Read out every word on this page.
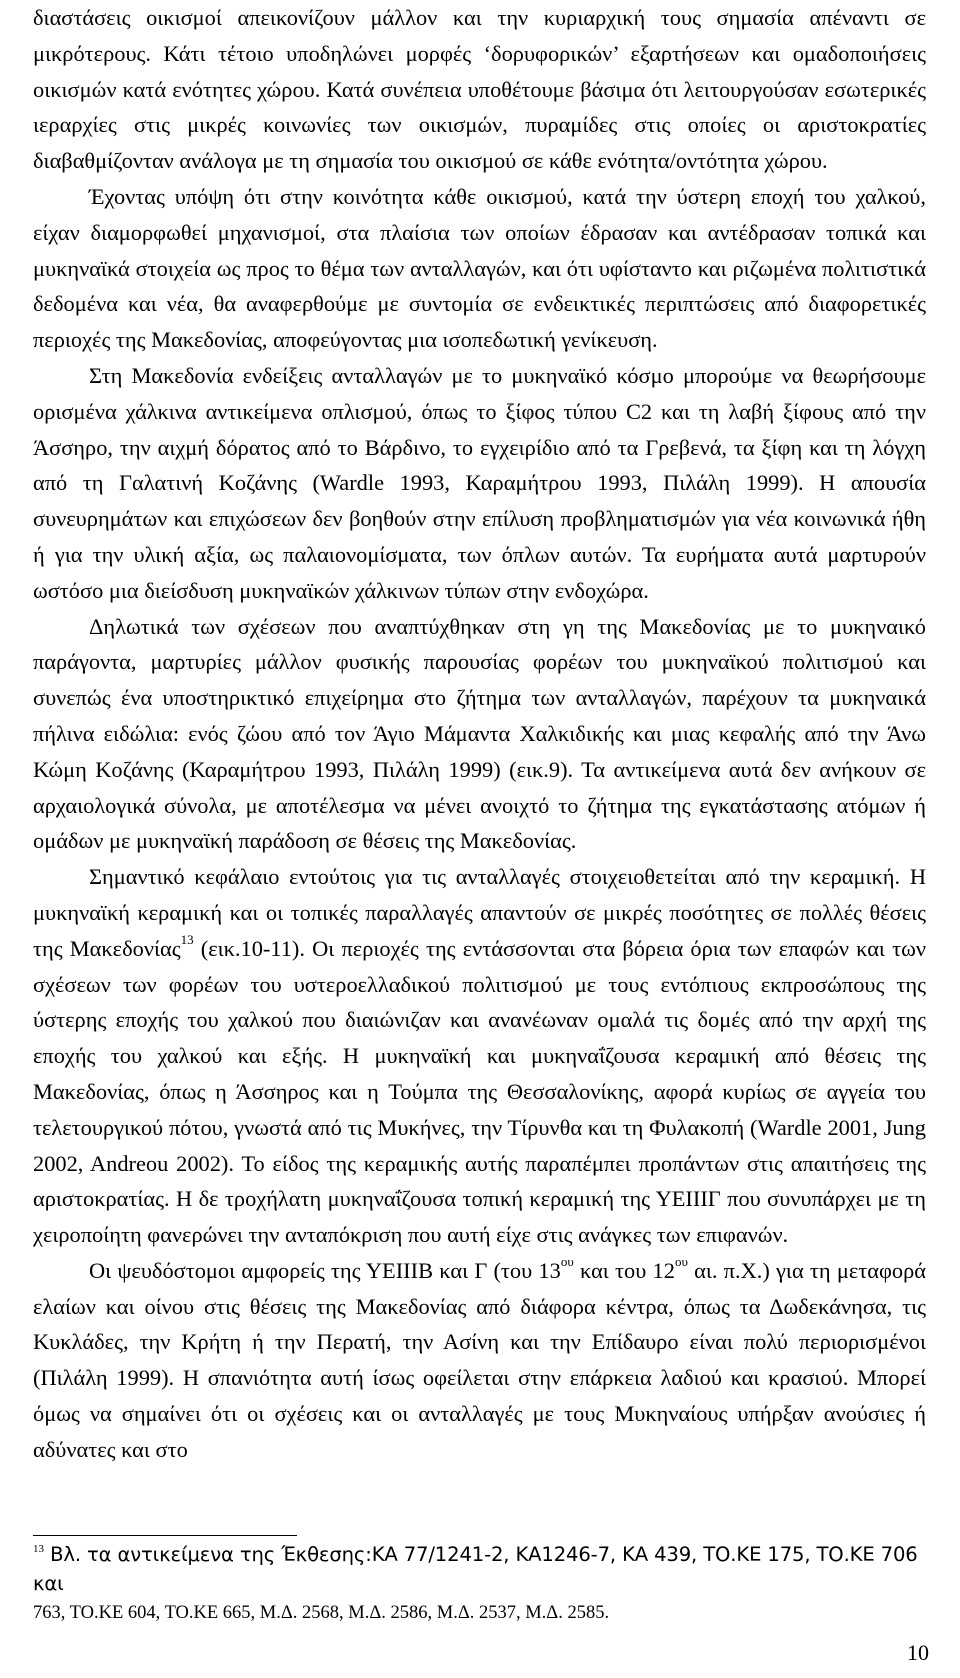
διαστάσεις οικισμοί απεικονίζουν μάλλον και την κυριαρχική τους σημασία απέναντι σε μικρότερους. Κάτι τέτοιο υποδηλώνει μορφές ‘δορυφορικών’ εξαρτήσεων και ομαδοποιήσεις οικισμών κατά ενότητες χώρου. Κατά συνέπεια υποθέτουμε βάσιμα ότι λειτουργούσαν εσωτερικές ιεραρχίες στις μικρές κοινωνίες των οικισμών, πυραμίδες στις οποίες οι αριστοκρατίες διαβαθμίζονταν ανάλογα με τη σημασία του οικισμού σε κάθε ενότητα/οντότητα χώρου.

Έχοντας υπόψη ότι στην κοινότητα κάθε οικισμού, κατά την ύστερη εποχή του χαλκού, είχαν διαμορφωθεί μηχανισμοί, στα πλαίσια των οποίων έδρασαν και αντέδρασαν τοπικά και μυκηναϊκά στοιχεία ως προς το θέμα των ανταλλαγών, και ότι υφίσταντο και ριζωμένα πολιτιστικά δεδομένα και νέα, θα αναφερθούμε με συντομία σε ενδεικτικές περιπτώσεις από διαφορετικές περιοχές της Μακεδονίας, αποφεύγοντας μια ισοπεδωτική γενίκευση.

Στη Μακεδονία ενδείξεις ανταλλαγών με το μυκηναϊκό κόσμο μπορούμε να θεωρήσουμε ορισμένα χάλκινα αντικείμενα οπλισμού, όπως το ξίφος τύπου C2 και τη λαβή ξίφους από την Άσσηρο, την αιχμή δόρατος από το Βάρδινο, το εγχειρίδιο από τα Γρεβενά, τα ξίφη και τη λόγχη από τη Γαλατινή Κοζάνης (Wardle 1993, Καραμήτρου 1993, Πιλάλη 1999). Η απουσία συνευρημάτων και επιχώσεων δεν βοηθούν στην επίλυση προβληματισμών για νέα κοινωνικά ήθη ή για την υλική αξία, ως παλαιονομίσματα, των όπλων αυτών. Τα ευρήματα αυτά μαρτυρούν ωστόσο μια διείσδυση μυκηναϊκών χάλκινων τύπων στην ενδοχώρα.

Δηλωτικά των σχέσεων που αναπτύχθηκαν στη γη της Μακεδονίας με το μυκηναικό παράγοντα, μαρτυρίες μάλλον φυσικής παρουσίας φορέων του μυκηναϊκού πολιτισμού και συνεπώς ένα υποστηρικτικό επιχείρημα στο ζήτημα των ανταλλαγών, παρέχουν τα μυκηναικά πήλινα ειδώλια: ενός ζώου από τον Άγιο Μάμαντα Χαλκιδικής και μιας κεφαλής από την Άνω Κώμη Κοζάνης (Καραμήτρου 1993, Πιλάλη 1999) (εικ.9). Τα αντικείμενα αυτά δεν ανήκουν σε αρχαιολογικά σύνολα, με αποτέλεσμα να μένει ανοιχτό το ζήτημα της εγκατάστασης ατόμων ή ομάδων με μυκηναϊκή παράδοση σε θέσεις της Μακεδονίας.

Σημαντικό κεφάλαιο εντούτοις για τις ανταλλαγές στοιχειοθετείται από την κεραμική. Η μυκηναϊκή κεραμική και οι τοπικές παραλλαγές απαντούν σε μικρές ποσότητες σε πολλές θέσεις της Μακεδονίας$^{13}$ (εικ.10-11). Οι περιοχές της εντάσσονται στα βόρεια όρια των επαφών και των σχέσεων των φορέων του υστεροελλαδικού πολιτισμού με τους εντόπιους εκπροσώπους της ύστερης εποχής του χαλκού που διαιώνιζαν και ανανέωναν ομαλά τις δομές από την αρχή της εποχής του χαλκού και εξής. Η μυκηναϊκή και μυκηναΐζουσα κεραμική από θέσεις της Μακεδονίας, όπως η Άσσηρος και η Τούμπα της Θεσσαλονίκης, αφορά κυρίως σε αγγεία του τελετουργικού πότου, γνωστά από τις Μυκήνες, την Τίρυνθα και τη Φυλακοπή (Wardle 2001, Jung 2002, Andreou 2002). Το είδος της κεραμικής αυτής παραπέμπει προπάντων στις απαιτήσεις της αριστοκρατίας. Η δε τροχήλατη μυκηναΐζουσα τοπική κεραμική της ΥΕΙΙΙΓ που συνυπάρχει με τη χειροποίητη φανερώνει την ανταπόκριση που αυτή είχε στις ανάγκες των επιφανών.

Οι ψευδόστομοι αμφορείς της ΥΕΙΙΙΒ και Γ (του $13^{o\upsilon}$ και του $12^{o\upsilon}$ αι. π.Χ.) για τη μεταφορά ελαίων και οίνου στις θέσεις της Μακεδονίας από διάφορα κέντρα, όπως τα Δωδεκάνησα, τις Κυκλάδες, την Κρήτη ή την Περατή, την Ασίνη και την Επίδαυρο είναι πολύ περιορισμένοι (Πιλάλη 1999). Η σπανιότητα αυτή ίσως οφείλεται στην επάρκεια λαδιού και κρασιού. Μπορεί όμως να σημαίνει ότι οι σχέσεις και οι ανταλλαγές με τους Μυκηναίους υπήρξαν ανούσιες ή αδύνατες και στο

$^{13}$ Βλ. τα αντικείμενα της Έκθεσης:ΚΑ 77/1241-2, ΚΑ1246-7, ΚΑ 439, ΤΟ.ΚΕ 175, ΤΟ.ΚΕ 706 και
763, ΤΟ.ΚΕ 604, ΤΟ.ΚΕ 665, Μ.Δ. 2568, Μ.Δ. 2586, Μ.Δ. 2537, Μ.Δ. 2585.
10
